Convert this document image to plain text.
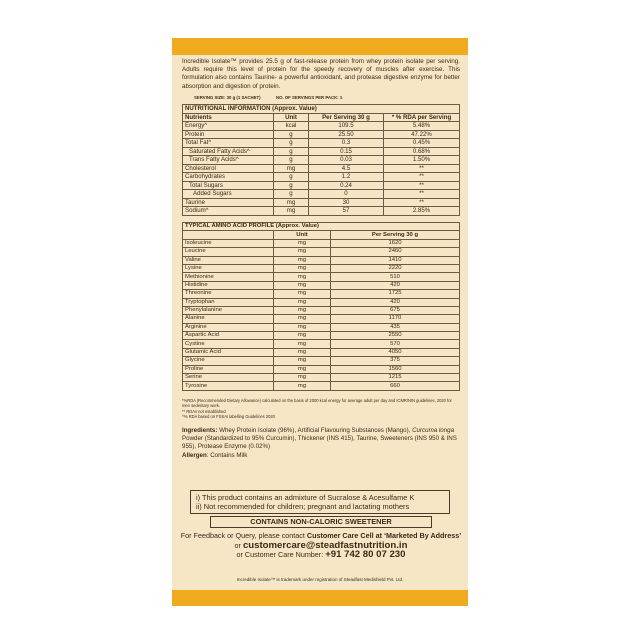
Incredible Isolate™ provides 25.5 g of fast-release protein from whey protein isolate per serving. Adults require this level of protein for the speedy recovery of muscles after exercise. This formulation also contains Taurine- a powerful antioxidant, and protease digestive enzyme for better absorption and digestion of protein.
SERVING SIZE: 30 g (1 SACHET)	NO. OF SERVINGS PER PACK: 1
NUTRITIONAL INFORMATION (Approx. Value)			
Nutrients	Unit	Per Serving 30 g	* % RDA per Serving
Energy^	kcal	109.5	5.48%
Protein	g	25.50	47.22%
Total Fat^	g	0.3	0.45%
Saturated Fatty Acids^	g	0.15	0.68%
Trans Fatty Acids^	g	0.03	1.50%
Cholesterol	mg	4.5	**
Carbohydrates	g	1.2	**
Total Sugars	g	0.24	**
Added Sugars	g	0	**
Taurine	mg	30	**
Sodium^	mg	57	2.85%
TYPICAL AMINO ACID PROFILE (Approx. Value)		
	Unit	Per Serving 30 g
Isoleucine	mg	1620
Leucine	mg	2460
Valine	mg	1410
Lysine	mg	2220
Methionine	mg	510
Histidine	mg	420
Threonine	mg	1725
Tryptophan	mg	420
Phenylalanine	mg	675
Alanine	mg	1170
Arginine	mg	435
Aspartic Acid	mg	2550
Cystine	mg	570
Glutamic Acid	mg	4050
Glycine	mg	375
Proline	mg	1560
Serine	mg	1215
Tyrosine	mg	660
*%RDA (Recommended Dietary Allowance) calculated on the basis of 2000 kcal energy for average adult per day and ICMR/NIN guidelines, 2020 for men sedentary work.
** RDAs not established
^% RDA based on FSSAI labelling Guidelines 2020
Ingredients: Whey Protein Isolate (96%), Artificial Flavouring Substances (Mango), Curcuma longa Powder (Standardized to 95% Curcumin), Thickener (INS 415), Taurine, Sweeteners (INS 950 & INS 955), Protease Enzyme (0.02%)
Allergen: Contains Milk
i) This product contains an admixture of Sucralose & Acesulfame K
ii) Not recommended for children; pregnant and lactating mothers
CONTAINS NON-CALORIC SWEETENER
For Feedback or Query, please contact Customer Care Cell at ‘Marketed By Address’ or customercare@steadfastnutrition.in
or Customer Care Number: +91 742 80 07 230
Incredible Isolate™ is trademark under registration of Steadfast Medishield Pvt. Ltd.
